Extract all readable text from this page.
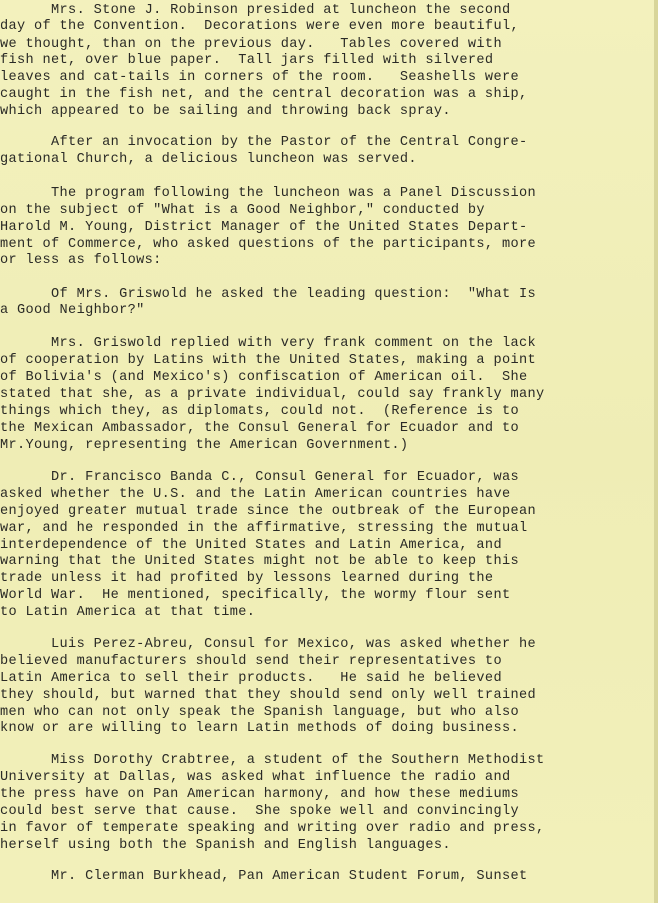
Mrs. Stone J. Robinson presided at luncheon the second
day of the Convention.  Decorations were even more beautiful,
we thought, than on the previous day.   Tables covered with
fish net, over blue paper.  Tall jars filled with silvered
leaves and cat-tails in corners of the room.   Seashells were
caught in the fish net, and the central decoration was a ship,
which appeared to be sailing and throwing back spray.
After an invocation by the Pastor of the Central Congre-
gational Church, a delicious luncheon was served.
The program following the luncheon was a Panel Discussion
on the subject of "What is a Good Neighbor," conducted by
Harold M. Young, District Manager of the United States Depart-
ment of Commerce, who asked questions of the participants, more
or less as follows:
Of Mrs. Griswold he asked the leading question:  "What Is
a Good Neighbor?"
Mrs. Griswold replied with very frank comment on the lack
of cooperation by Latins with the United States, making a point
of Bolivia's (and Mexico's) confiscation of American oil.  She
stated that she, as a private individual, could say frankly many
things which they, as diplomats, could not.  (Reference is to
the Mexican Ambassador, the Consul General for Ecuador and to
Mr.Young, representing the American Government.)
Dr. Francisco Banda C., Consul General for Ecuador, was
asked whether the U.S. and the Latin American countries have
enjoyed greater mutual trade since the outbreak of the European
war, and he responded in the affirmative, stressing the mutual
interdependence of the United States and Latin America, and
warning that the United States might not be able to keep this
trade unless it had profited by lessons learned during the
World War.  He mentioned, specifically, the wormy flour sent
to Latin America at that time.
Luis Perez-Abreu, Consul for Mexico, was asked whether he
believed manufacturers should send their representatives to
Latin America to sell their products.   He said he believed
they should, but warned that they should send only well trained
men who can not only speak the Spanish language, but who also
know or are willing to learn Latin methods of doing business.
Miss Dorothy Crabtree, a student of the Southern Methodist
University at Dallas, was asked what influence the radio and
the press have on Pan American harmony, and how these mediums
could best serve that cause.  She spoke well and convincingly
in favor of temperate speaking and writing over radio and press,
herself using both the Spanish and English languages.
Mr. Clerman Burkhead, Pan American Student Forum, Sunset
